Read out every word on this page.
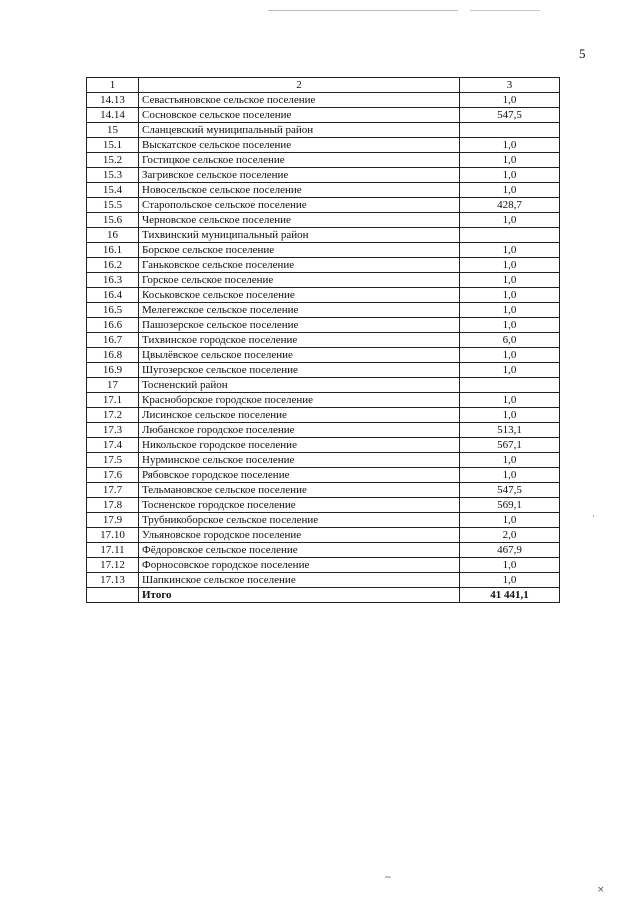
5
1	2	3
14.13	Севастьяновское сельское поселение	1,0
14.14	Сосновское сельское поселение	547,5
15	Сланцевский муниципальный район	
15.1	Выскатское сельское поселение	1,0
15.2	Гостицкое сельское поселение	1,0
15.3	Загривское сельское поселение	1,0
15.4	Новосельское сельское поселение	1,0
15.5	Старопольское сельское поселение	428,7
15.6	Черновское сельское поселение	1,0
16	Тихвинский муниципальный район	
16.1	Борское сельское поселение	1,0
16.2	Ганьковское сельское поселение	1,0
16.3	Горское сельское поселение	1,0
16.4	Коськовское сельское поселение	1,0
16.5	Мелегежское сельское поселение	1,0
16.6	Пашозерское сельское поселение	1,0
16.7	Тихвинское городское поселение	6,0
16.8	Цвылёвское сельское поселение	1,0
16.9	Шугозерское сельское поселение	1,0
17	Тосненский район	
17.1	Красноборское городское поселение	1,0
17.2	Лисинское сельское поселение	1,0
17.3	Любанское городское поселение	513,1
17.4	Никольское городское поселение	567,1
17.5	Нурминское сельское поселение	1,0
17.6	Рябовское городское поселение	1,0
17.7	Тельмановское сельское поселение	547,5
17.8	Тосненское городское поселение	569,1
17.9	Трубникоборское сельское поселение	1,0
17.10	Ульяновское городское поселение	2,0
17.11	Фёдоровское сельское поселение	467,9
17.12	Форносовское городское поселение	1,0
17.13	Шапкинское сельское поселение	1,0
	Итого	41 441,1
·
~
×
